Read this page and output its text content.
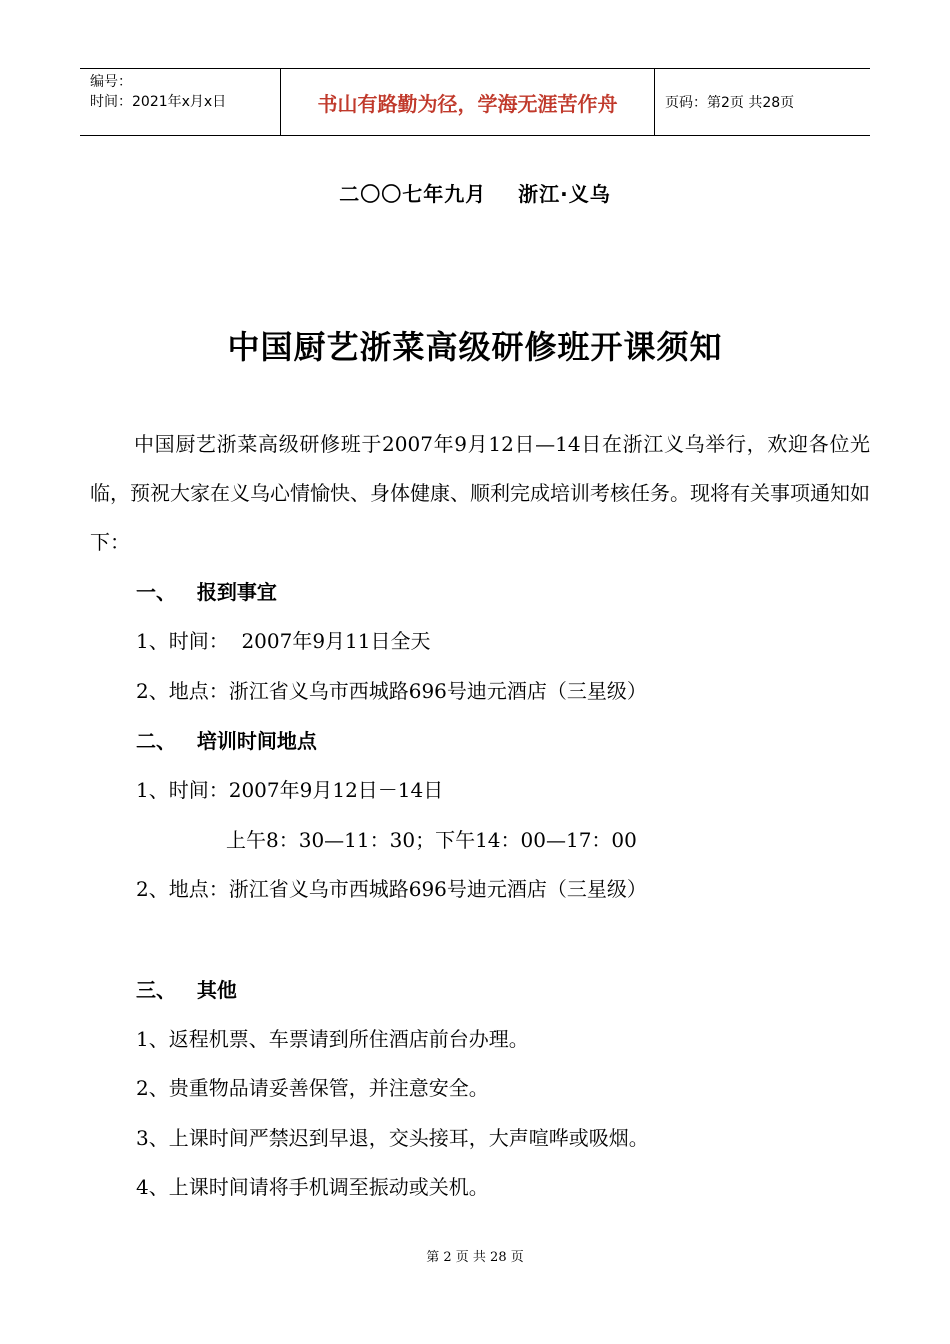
编号：
时间：2021年x月x日	书山有路勤为径，学海无涯苦作舟	页码：第2页 共28页
二〇〇七年九月    浙江·义乌
中国厨艺浙菜高级研修班开课须知
中国厨艺浙菜高级研修班于2007年9月12日—14日在浙江义乌举行，欢迎各位光临，预祝大家在义乌心情愉快、身体健康、顺利完成培训考核任务。现将有关事项通知如下：
一、   报到事宜
1、时间：  2007年9月11日全天
2、地点：浙江省义乌市西城路696号迪元酒店（三星级）
二、   培训时间地点
1、时间：2007年9月12日－14日
上午8：30—11：30；下午14：00—17：00
2、地点：浙江省义乌市西城路696号迪元酒店（三星级）
三、   其他
1、返程机票、车票请到所住酒店前台办理。
2、贵重物品请妥善保管，并注意安全。
3、上课时间严禁迟到早退，交头接耳，大声喧哗或吸烟。
4、上课时间请将手机调至振动或关机。
第 2 页 共 28 页
